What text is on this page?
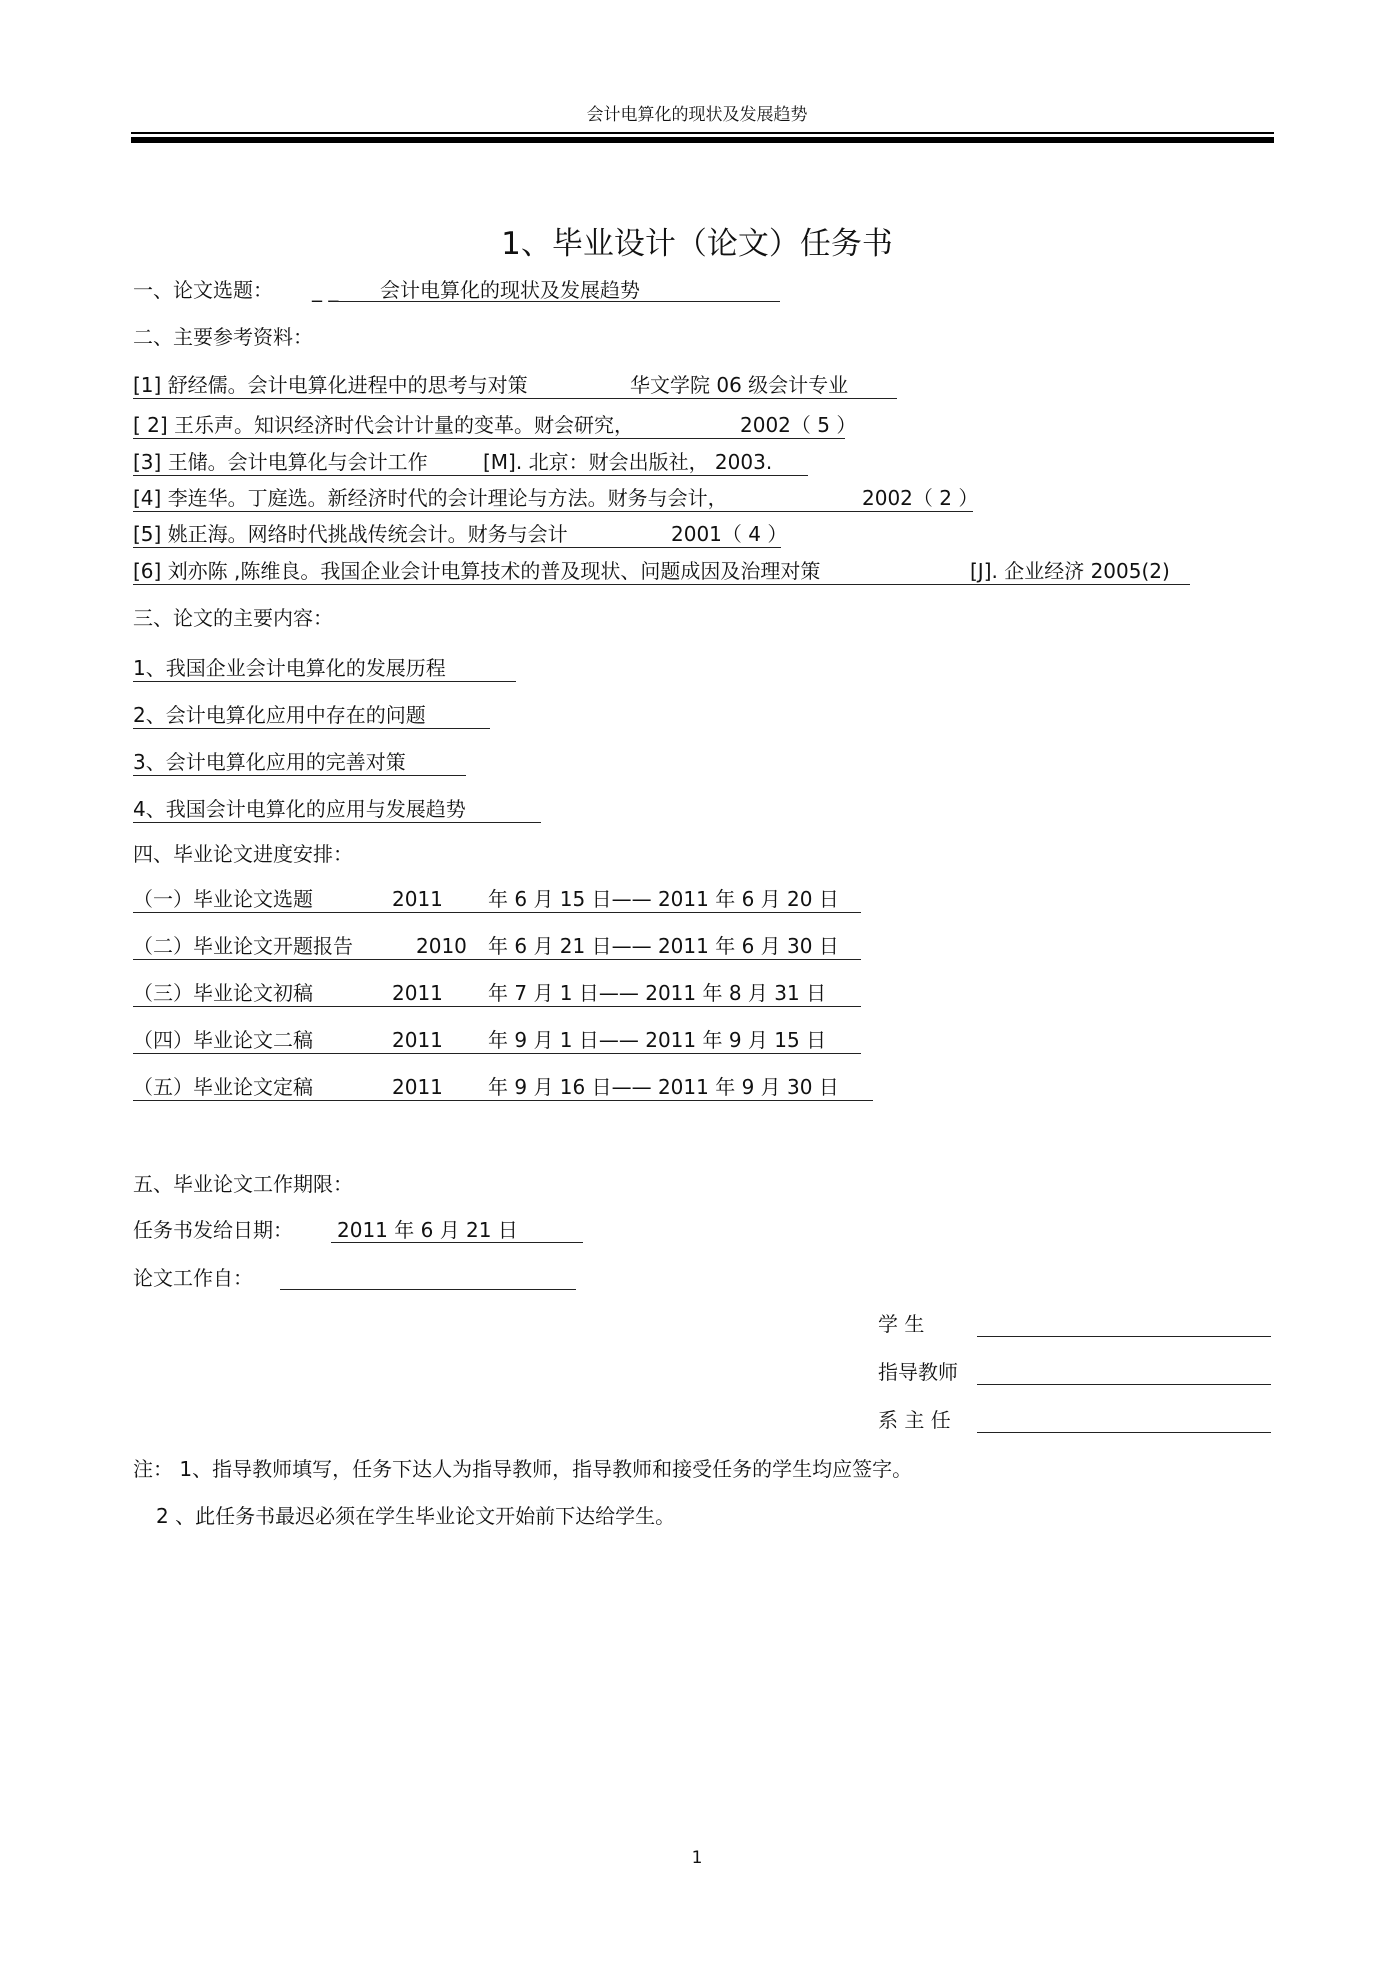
会计电算化的现状及发展趋势
1、毕业设计（论文）任务书
一、论文选题： _ _ 会计电算化的现状及发展趋势
二、主要参考资料：
[1] 舒经儒。会计电算化进程中的思考与对策	华文学院 06 级会计专业
[ 2] 王乐声。知识经济时代会计计量的变革。财会研究，	2002（ 5 ）
[3] 王储。会计电算化与会计工作	[M]. 北京：财会出版社， 2003.
[4] 李连华。丁庭选。新经济时代的会计理论与方法。财务与会计，	2002（ 2 ）
[5] 姚正海。网络时代挑战传统会计。财务与会计	2001（ 4 ）
[6] 刘亦陈 ,陈维良。我国企业会计电算技术的普及现状、问题成因及治理对策	[J]. 企业经济 2005(2)
三、论文的主要内容：
1、我国企业会计电算化的发展历程
2、会计电算化应用中存在的问题
3、会计电算化应用的完善对策
4、我国会计电算化的应用与发展趋势
四、毕业论文进度安排：
（一）毕业论文选题	2011 年 6 月 15 日—— 2011 年 6 月 20 日
（二）毕业论文开题报告	2010 年 6 月 21 日—— 2011 年 6 月 30 日
（三）毕业论文初稿	2011 年 7 月 1 日—— 2011 年 8 月 31 日
（四）毕业论文二稿	2011 年 9 月 1 日—— 2011 年 9 月 15 日
（五）毕业论文定稿	2011 年 9 月 16 日—— 2011 年 9 月 30 日
五、毕业论文工作期限：
任务书发给日期： 2011 年 6 月 21 日
论文工作自：
学 生
指导教师
系 主 任
注： 1、指导教师填写，任务下达人为指导教师，指导教师和接受任务的学生均应签字。
2 、此任务书最迟必须在学生毕业论文开始前下达给学生。
1
